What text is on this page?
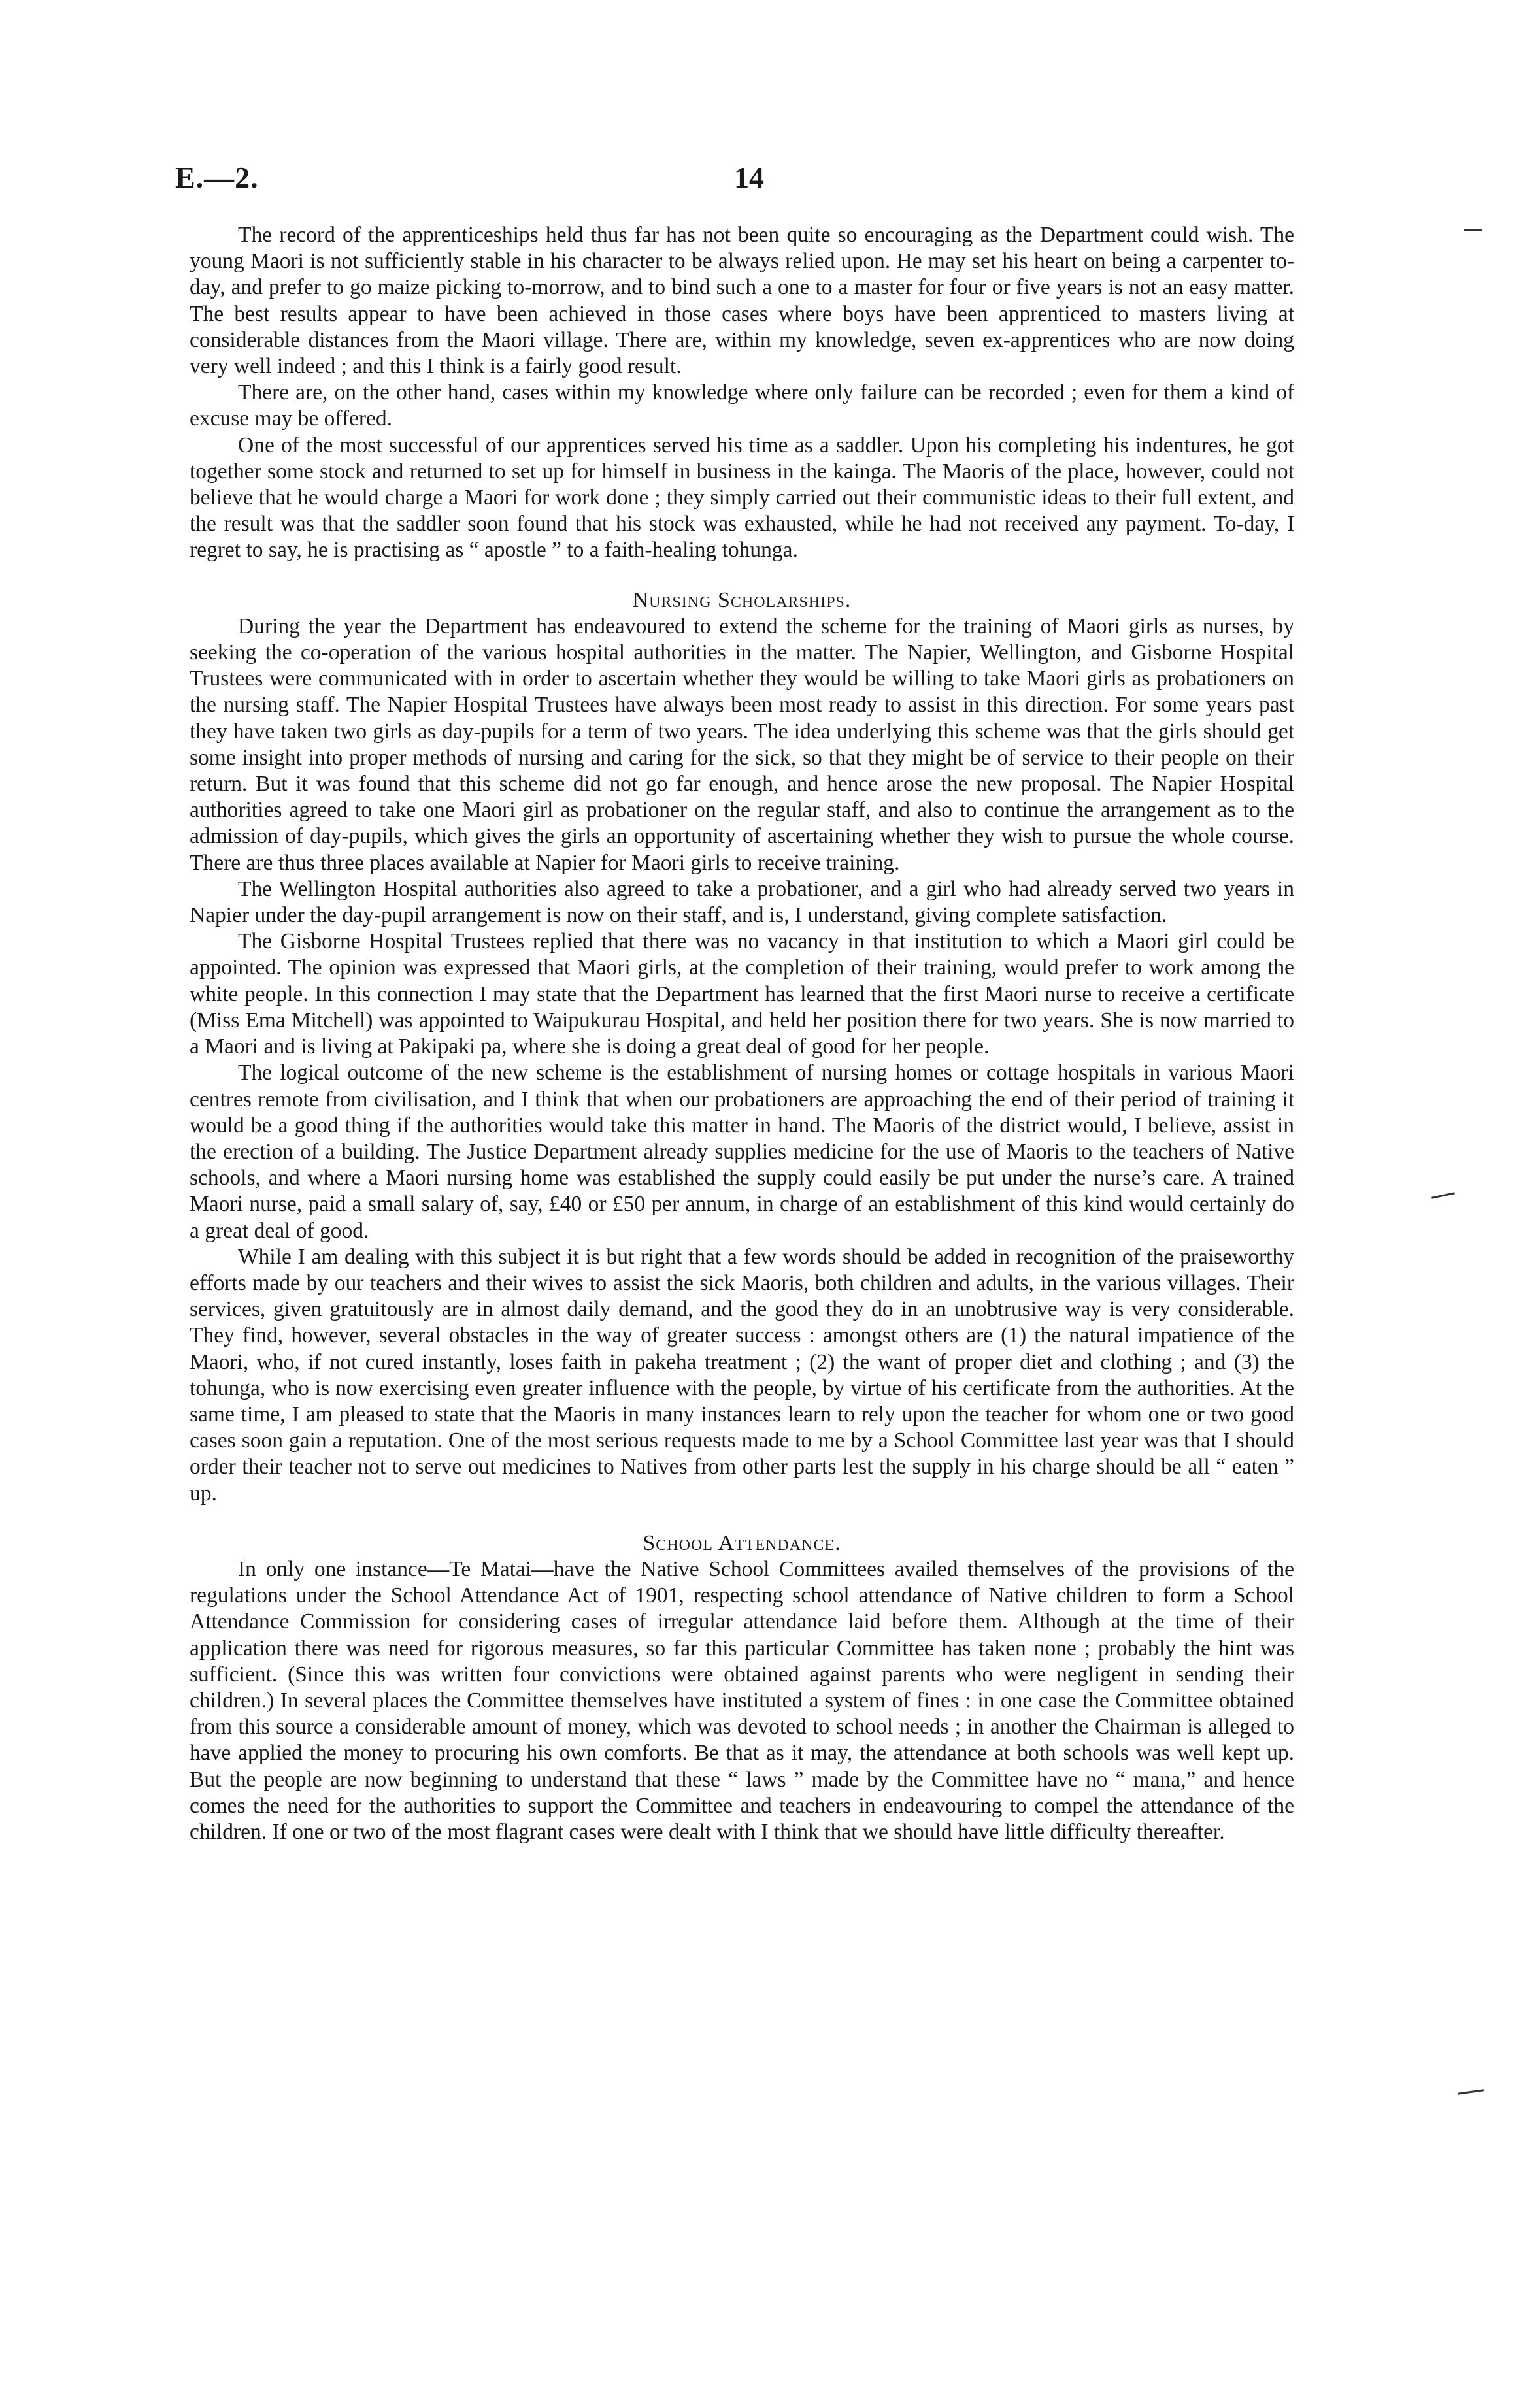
E.—2.	14

The record of the apprenticeships held thus far has not been quite so encouraging as the Department could wish. The young Maori is not sufficiently stable in his character to be always relied upon. He may set his heart on being a carpenter to-day, and prefer to go maize picking to-morrow, and to bind such a one to a master for four or five years is not an easy matter. The best results appear to have been achieved in those cases where boys have been apprenticed to masters living at considerable distances from the Maori village. There are, within my knowledge, seven ex-apprentices who are now doing very well indeed ; and this I think is a fairly good result.

There are, on the other hand, cases within my knowledge where only failure can be recorded ; even for them a kind of excuse may be offered.

One of the most successful of our apprentices served his time as a saddler. Upon his completing his indentures, he got together some stock and returned to set up for himself in business in the kainga. The Maoris of the place, however, could not believe that he would charge a Maori for work done ; they simply carried out their communistic ideas to their full extent, and the result was that the saddler soon found that his stock was exhausted, while he had not received any payment. To-day, I regret to say, he is practising as “ apostle ” to a faith-healing tohunga.

Nursing Scholarships.

During the year the Department has endeavoured to extend the scheme for the training of Maori girls as nurses, by seeking the co-operation of the various hospital authorities in the matter. The Napier, Wellington, and Gisborne Hospital Trustees were communicated with in order to ascertain whether they would be willing to take Maori girls as probationers on the nursing staff. The Napier Hospital Trustees have always been most ready to assist in this direction. For some years past they have taken two girls as day-pupils for a term of two years. The idea underlying this scheme was that the girls should get some insight into proper methods of nursing and caring for the sick, so that they might be of service to their people on their return. But it was found that this scheme did not go far enough, and hence arose the new proposal. The Napier Hospital authorities agreed to take one Maori girl as probationer on the regular staff, and also to continue the arrangement as to the admission of day-pupils, which gives the girls an opportunity of ascertaining whether they wish to pursue the whole course. There are thus three places available at Napier for Maori girls to receive training.

The Wellington Hospital authorities also agreed to take a probationer, and a girl who had already served two years in Napier under the day-pupil arrangement is now on their staff, and is, I understand, giving complete satisfaction.

The Gisborne Hospital Trustees replied that there was no vacancy in that institution to which a Maori girl could be appointed. The opinion was expressed that Maori girls, at the completion of their training, would prefer to work among the white people. In this connection I may state that the Department has learned that the first Maori nurse to receive a certificate (Miss Ema Mitchell) was appointed to Waipukurau Hospital, and held her position there for two years. She is now married to a Maori and is living at Pakipaki pa, where she is doing a great deal of good for her people.

The logical outcome of the new scheme is the establishment of nursing homes or cottage hospitals in various Maori centres remote from civilisation, and I think that when our probationers are approaching the end of their period of training it would be a good thing if the authorities would take this matter in hand. The Maoris of the district would, I believe, assist in the erection of a building. The Justice Department already supplies medicine for the use of Maoris to the teachers of Native schools, and where a Maori nursing home was established the supply could easily be put under the nurse’s care. A trained Maori nurse, paid a small salary of, say, £40 or £50 per annum, in charge of an establishment of this kind would certainly do a great deal of good.

While I am dealing with this subject it is but right that a few words should be added in recognition of the praiseworthy efforts made by our teachers and their wives to assist the sick Maoris, both children and adults, in the various villages. Their services, given gratuitously are in almost daily demand, and the good they do in an unobtrusive way is very considerable. They find, however, several obstacles in the way of greater success : amongst others are (1) the natural impatience of the Maori, who, if not cured instantly, loses faith in pakeha treatment ; (2) the want of proper diet and clothing ; and (3) the tohunga, who is now exercising even greater influence with the people, by virtue of his certificate from the authorities. At the same time, I am pleased to state that the Maoris in many instances learn to rely upon the teacher for whom one or two good cases soon gain a reputation. One of the most serious requests made to me by a School Committee last year was that I should order their teacher not to serve out medicines to Natives from other parts lest the supply in his charge should be all “ eaten ” up.

School Attendance.

In only one instance—Te Matai—have the Native School Committees availed themselves of the provisions of the regulations under the School Attendance Act of 1901, respecting school attendance of Native children to form a School Attendance Commission for considering cases of irregular attendance laid before them. Although at the time of their application there was need for rigorous measures, so far this particular Committee has taken none ; probably the hint was sufficient. (Since this was written four convictions were obtained against parents who were negligent in sending their children.) In several places the Committee themselves have instituted a system of fines : in one case the Committee obtained from this source a considerable amount of money, which was devoted to school needs ; in another the Chairman is alleged to have applied the money to procuring his own comforts. Be that as it may, the attendance at both schools was well kept up. But the people are now beginning to understand that these “ laws ” made by the Committee have no “ mana,” and hence comes the need for the authorities to support the Committee and teachers in endeavouring to compel the attendance of the children. If one or two of the most flagrant cases were dealt with I think that we should have little difficulty thereafter.
